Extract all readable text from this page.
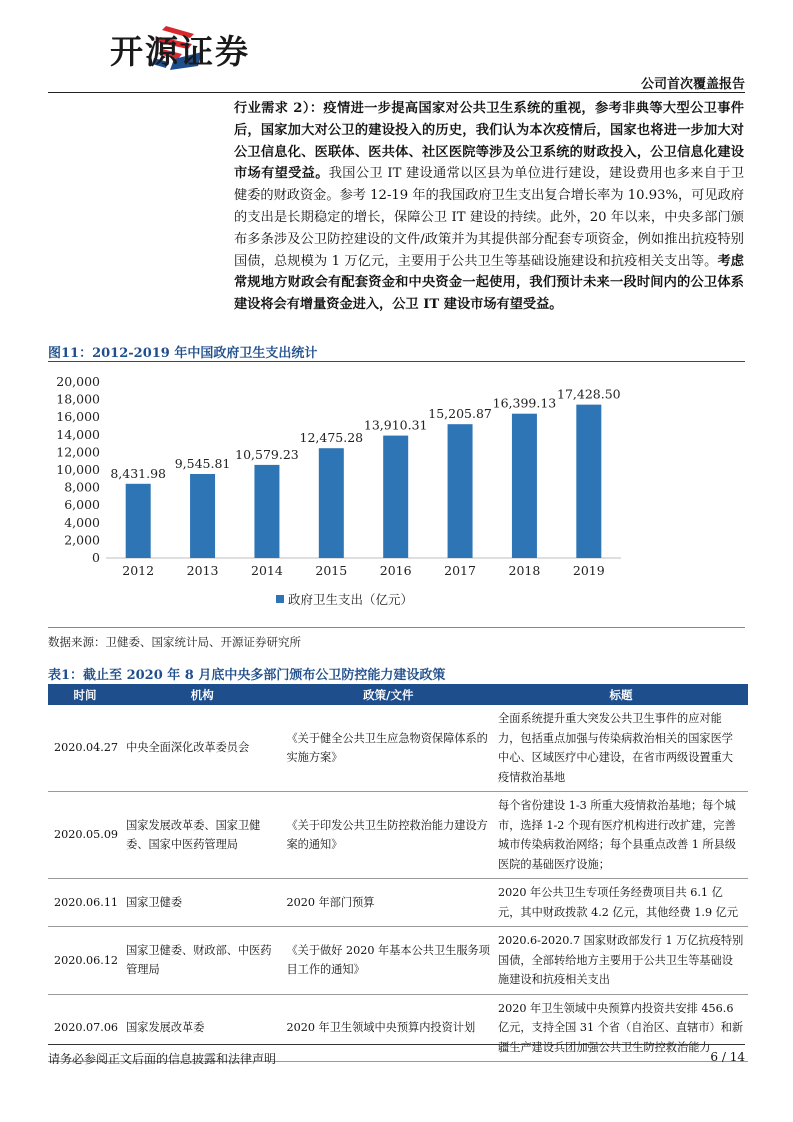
开源证券
公司首次覆盖报告
行业需求 2）：疫情进一步提高国家对公共卫生系统的重视，参考非典等大型公卫事件后，国家加大对公卫的建设投入的历史，我们认为本次疫情后，国家也将进一步加大对公卫信息化、医联体、医共体、社区医院等涉及公卫系统的财政投入，公卫信息化建设市场有望受益。我国公卫 IT 建设通常以区县为单位进行建设，建设费用也多来自于卫健委的财政资金。参考 12-19 年的我国政府卫生支出复合增长率为 10.93%，可见政府的支出是长期稳定的增长，保障公卫 IT 建设的持续。此外，20 年以来，中央多部门颁布多条涉及公卫防控建设的文件/政策并为其提供部分配套专项资金，例如推出抗疫特别国债，总规模为 1 万亿元，主要用于公共卫生等基础设施建设和抗疫相关支出等。考虑常规地方财政会有配套资金和中央资金一起使用，我们预计未来一段时间内的公卫体系建设将会有增量资金进入，公卫 IT 建设市场有望受益。
图11：2012-2019 年中国政府卫生支出统计
0
2,000
4,000
6,000
8,000
10,000
12,000
14,000
16,000
18,000
20,000
8,431.98
2012
9,545.81
2013
10,579.23
2014
12,475.28
2015
13,910.31
2016
15,205.87
2017
16,399.13
2018
17,428.50
2019
政府卫生支出（亿元）
数据来源：卫健委、国家统计局、开源证券研究所
表1：截止至 2020 年 8 月底中央多部门颁布公卫防控能力建设政策
时间	机构	政策/文件	标题
2020.04.27	中央全面深化改革委员会	《关于健全公共卫生应急物资保障体系的实施方案》	全面系统提升重大突发公共卫生事件的应对能力，包括重点加强与传染病救治相关的国家医学中心、区域医疗中心建设，在省市两级设置重大疫情救治基地
2020.05.09	国家发展改革委、国家卫健委、国家中医药管理局	《关于印发公共卫生防控救治能力建设方案的通知》	每个省份建设 1-3 所重大疫情救治基地；每个城市，选择 1-2 个现有医疗机构进行改扩建，完善城市传染病救治网络；每个县重点改善 1 所县级医院的基础医疗设施；
2020.06.11	国家卫健委	2020 年部门预算	2020 年公共卫生专项任务经费项目共 6.1 亿元，其中财政拨款 4.2 亿元，其他经费 1.9 亿元
2020.06.12	国家卫健委、财政部、中医药管理局	《关于做好 2020 年基本公共卫生服务项目工作的通知》	2020.6-2020.7 国家财政部发行 1 万亿抗疫特别国债，全部转给地方主要用于公共卫生等基础设施建设和抗疫相关支出
2020.07.06	国家发展改革委	2020 年卫生领域中央预算内投资计划	2020 年卫生领域中央预算内投资共安排 456.6 亿元，支持全国 31 个省（自治区、直辖市）和新疆生产建设兵团加强公共卫生防控救治能力
请务必参阅正文后面的信息披露和法律声明	6 / 14
